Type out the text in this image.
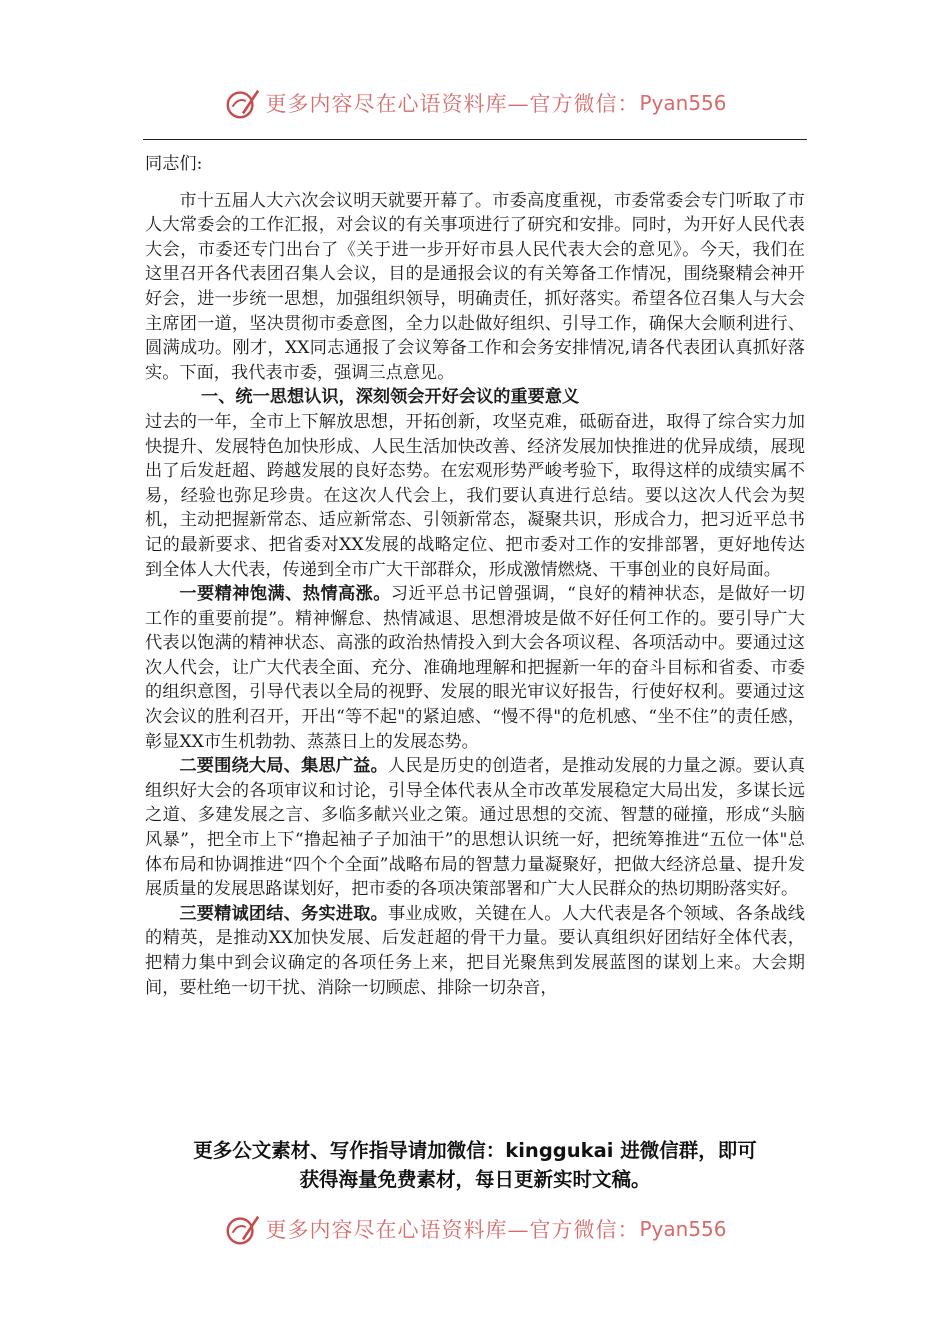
更多内容尽在心语资料库—官方微信： Pyan556

同志们:

市十五届人大六次会议明天就要开幕了。市委高度重视，市委常委会专门听取了市人大常委会的工作汇报，对会议的有关事项进行了研究和安排。同时，为开好人民代表大会，市委还专门出台了《关于进一步开好市县人民代表大会的意见》。今天，我们在这里召开各代表团召集人会议，目的是通报会议的有关筹备工作情况，围绕聚精会神开好会，进一步统一思想，加强组织领导，明确责任，抓好落实。希望各位召集人与大会主席团一道，坚决贯彻市委意图，全力以赴做好组织、引导工作，确保大会顺利进行、圆满成功。刚才，XX同志通报了会议筹备工作和会务安排情况,请各代表团认真抓好落实。下面，我代表市委，强调三点意见。

一、统一思想认识，深刻领会开好会议的重要意义

过去的一年，全市上下解放思想，开拓创新，攻坚克难，砥砺奋进，取得了综合实力加快提升、发展特色加快形成、人民生活加快改善、经济发展加快推进的优异成绩，展现出了后发赶超、跨越发展的良好态势。在宏观形势严峻考验下，取得这样的成绩实属不易，经验也弥足珍贵。在这次人代会上，我们要认真进行总结。要以这次人代会为契机，主动把握新常态、适应新常态、引领新常态，凝聚共识，形成合力，把习近平总书记的最新要求、把省委对XX发展的战略定位、把市委对工作的安排部署，更好地传达到全体人大代表，传递到全市广大干部群众，形成激情燃烧、干事创业的良好局面。

一要精神饱满、热情高涨。习近平总书记曾强调，“良好的精神状态，是做好一切工作的重要前提”。精神懈怠、热情减退、思想滑坡是做不好任何工作的。要引导广大代表以饱满的精神状态、高涨的政治热情投入到大会各项议程、各项活动中。要通过这次人代会，让广大代表全面、充分、准确地理解和把握新一年的奋斗目标和省委、市委的组织意图，引导代表以全局的视野、发展的眼光审议好报告，行使好权利。要通过这次会议的胜利召开，开出“等不起"的紧迫感、“慢不得"的危机感、“坐不住”的责任感，彰显XX市生机勃勃、蒸蒸日上的发展态势。

二要围绕大局、集思广益。人民是历史的创造者，是推动发展的力量之源。要认真组织好大会的各项审议和讨论，引导全体代表从全市改革发展稳定大局出发，多谋长远之道、多建发展之言、多临多献兴业之策。通过思想的交流、智慧的碰撞，形成“头脑风暴”，把全市上下“撸起袖子子加油干”的思想认识统一好，把统筹推进“五位一体"总体布局和协调推进“四个个全面”战略布局的智慧力量凝聚好，把做大经济总量、提升发展质量的发展思路谋划好，把市委的各项决策部署和广大人民群众的热切期盼落实好。

三要精诚团结、务实进取。事业成败，关键在人。人大代表是各个领域、各条战线的精英，是推动XX加快发展、后发赶超的骨干力量。要认真组织好团结好全体代表，把精力集中到会议确定的各项任务上来，把目光聚焦到发展蓝图的谋划上来。大会期间，要杜绝一切干扰、消除一切顾虑、排除一切杂音，

更多公文素材、写作指导请加微信：kinggukai 进微信群，即可
获得海量免费素材，每日更新实时文稿。
更多内容尽在心语资料库—官方微信： Pyan556
